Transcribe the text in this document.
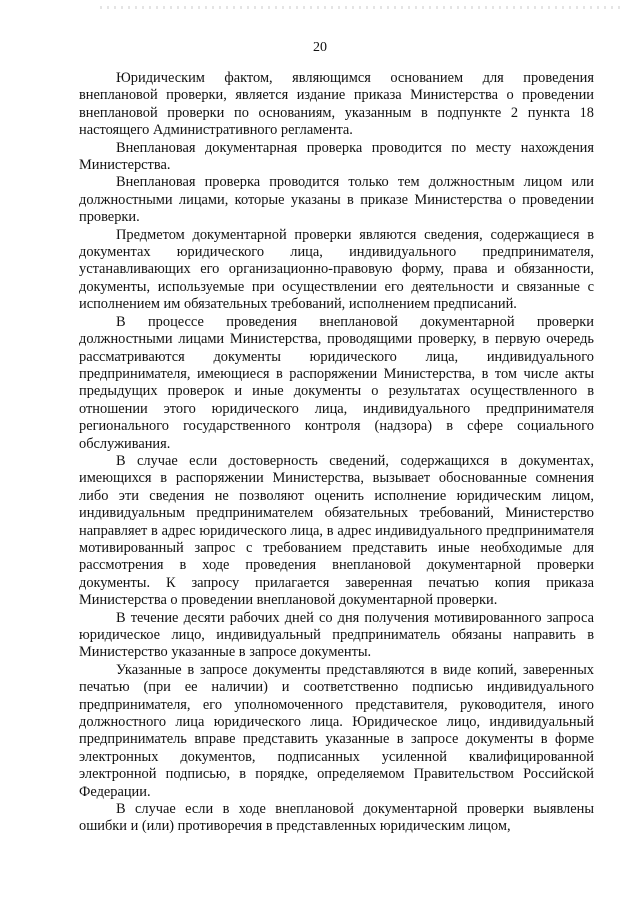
20

Юридическим фактом, являющимся основанием для проведения внеплановой проверки, является издание приказа Министерства о проведении внеплановой проверки по основаниям, указанным в подпункте 2 пункта 18 настоящего Административного регламента.

Внеплановая документарная проверка проводится по месту нахождения Министерства.

Внеплановая проверка проводится только тем должностным лицом или должностными лицами, которые указаны в приказе Министерства о проведении проверки.

Предметом документарной проверки являются сведения, содержащиеся в документах юридического лица, индивидуального предпринимателя, устанавливающих его организационно-правовую форму, права и обязанности, документы, используемые при осуществлении его деятельности и связанные с исполнением им обязательных требований, исполнением предписаний.

В процессе проведения внеплановой документарной проверки должностными лицами Министерства, проводящими проверку, в первую очередь рассматриваются документы юридического лица, индивидуального предпринимателя, имеющиеся в распоряжении Министерства, в том числе акты предыдущих проверок и иные документы о результатах осуществленного в отношении этого юридического лица, индивидуального предпринимателя регионального государственного контроля (надзора) в сфере социального обслуживания.

В случае если достоверность сведений, содержащихся в документах, имеющихся в распоряжении Министерства, вызывает обоснованные сомнения либо эти сведения не позволяют оценить исполнение юридическим лицом, индивидуальным предпринимателем обязательных требований, Министерство направляет в адрес юридического лица, в адрес индивидуального предпринимателя мотивированный запрос с требованием представить иные необходимые для рассмотрения в ходе проведения внеплановой документарной проверки документы. К запросу прилагается заверенная печатью копия приказа Министерства о проведении внеплановой документарной проверки.

В течение десяти рабочих дней со дня получения мотивированного запроса юридическое лицо, индивидуальный предприниматель обязаны направить в Министерство указанные в запросе документы.

Указанные в запросе документы представляются в виде копий, заверенных печатью (при ее наличии) и соответственно подписью индивидуального предпринимателя, его уполномоченного представителя, руководителя, иного должностного лица юридического лица. Юридическое лицо, индивидуальный предприниматель вправе представить указанные в запросе документы в форме электронных документов, подписанных усиленной квалифицированной электронной подписью, в порядке, определяемом Правительством Российской Федерации.

В случае если в ходе внеплановой документарной проверки выявлены ошибки и (или) противоречия в представленных юридическим лицом,
